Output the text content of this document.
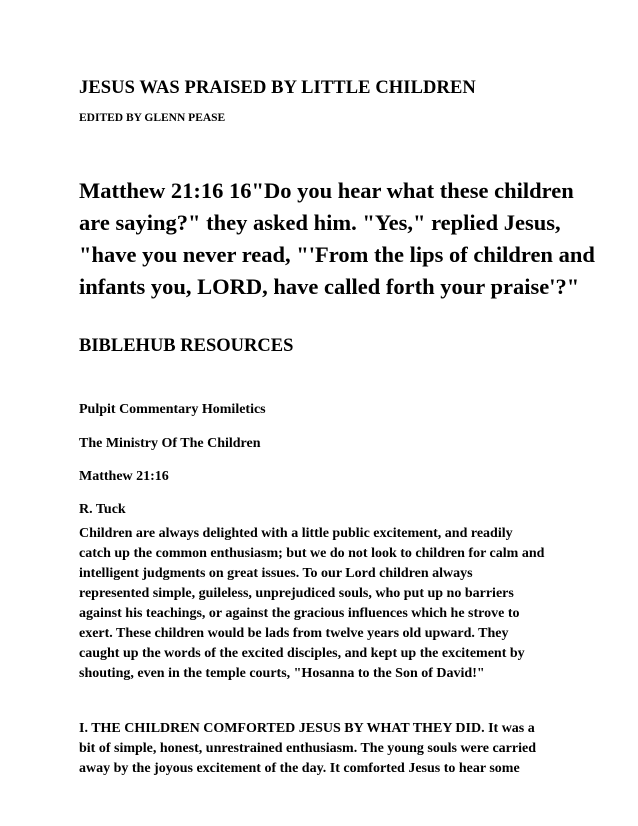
JESUS WAS PRAISED BY LITTLE CHILDREN
EDITED BY GLENN PEASE
Matthew 21:16 16"Do you hear what these children
are saying?" they asked him. "Yes," replied Jesus,
"have you never read, "'From the lips of children and
infants you, LORD, have called forth your praise'?"
BIBLEHUB RESOURCES
Pulpit Commentary Homiletics
The Ministry Of The Children
Matthew 21:16
R. Tuck
Children are always delighted with a little public excitement, and readily
catch up the common enthusiasm; but we do not look to children for calm and
intelligent judgments on great issues. To our Lord children always
represented simple, guileless, unprejudiced souls, who put up no barriers
against his teachings, or against the gracious influences which he strove to
exert. These children would be lads from twelve years old upward. They
caught up the words of the excited disciples, and kept up the excitement by
shouting, even in the temple courts, "Hosanna to the Son of David!"
I. THE CHILDREN COMFORTED JESUS BY WHAT THEY DID. It was a
bit of simple, honest, unrestrained enthusiasm. The young souls were carried
away by the joyous excitement of the day. It comforted Jesus to hear some
